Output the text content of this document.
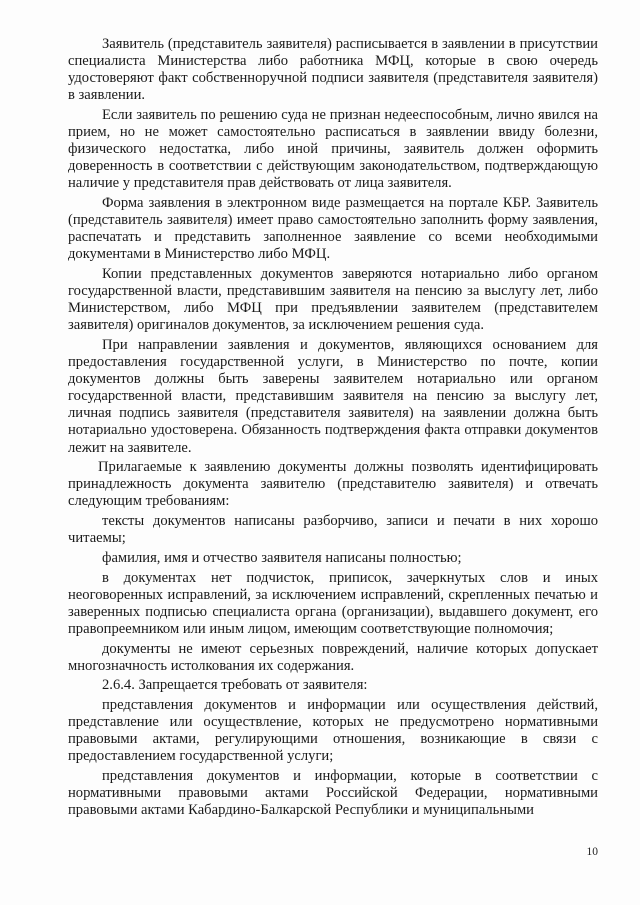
Заявитель (представитель заявителя) расписывается в заявлении в присутствии специалиста Министерства либо работника МФЦ, которые в свою очередь удостоверяют факт собственноручной подписи заявителя (представителя заявителя) в заявлении.

Если заявитель по решению суда не признан недееспособным, лично явился на прием, но не может самостоятельно расписаться в заявлении ввиду болезни, физического недостатка, либо иной причины, заявитель должен оформить доверенность в соответствии с действующим законодательством, подтверждающую наличие у представителя прав действовать от лица заявителя.

Форма заявления в электронном виде размещается на портале КБР. Заявитель (представитель заявителя) имеет право самостоятельно заполнить форму заявления, распечатать и представить заполненное заявление со всеми необходимыми документами в Министерство либо МФЦ.

Копии представленных документов заверяются нотариально либо органом государственной власти, представившим заявителя на пенсию за выслугу лет, либо Министерством, либо МФЦ при предъявлении заявителем (представителем заявителя) оригиналов документов, за исключением решения суда.

При направлении заявления и документов, являющихся основанием для предоставления государственной услуги, в Министерство по почте, копии документов должны быть заверены заявителем нотариально или органом государственной власти, представившим заявителя на пенсию за выслугу лет, личная подпись заявителя (представителя заявителя) на заявлении должна быть нотариально удостоверена. Обязанность подтверждения факта отправки документов лежит на заявителе.

Прилагаемые к заявлению документы должны позволять идентифицировать принадлежность документа заявителю (представителю заявителя) и отвечать следующим требованиям:

тексты документов написаны разборчиво, записи и печати в них хорошо читаемы;

фамилия, имя и отчество заявителя написаны полностью;

в документах нет подчисток, приписок, зачеркнутых слов и иных неоговоренных исправлений, за исключением исправлений, скрепленных печатью и заверенных подписью специалиста органа (организации), выдавшего документ, его правопреемником или иным лицом, имеющим соответствующие полномочия;

документы не имеют серьезных повреждений, наличие которых допускает многозначность истолкования их содержания.

2.6.4. Запрещается требовать от заявителя:

представления документов и информации или осуществления действий, представление или осуществление, которых не предусмотрено нормативными правовыми актами, регулирующими отношения, возникающие в связи с предоставлением государственной услуги;

представления документов и информации, которые в соответствии с нормативными правовыми актами Российской Федерации, нормативными правовыми актами Кабардино-Балкарской Республики и муниципальными

10
